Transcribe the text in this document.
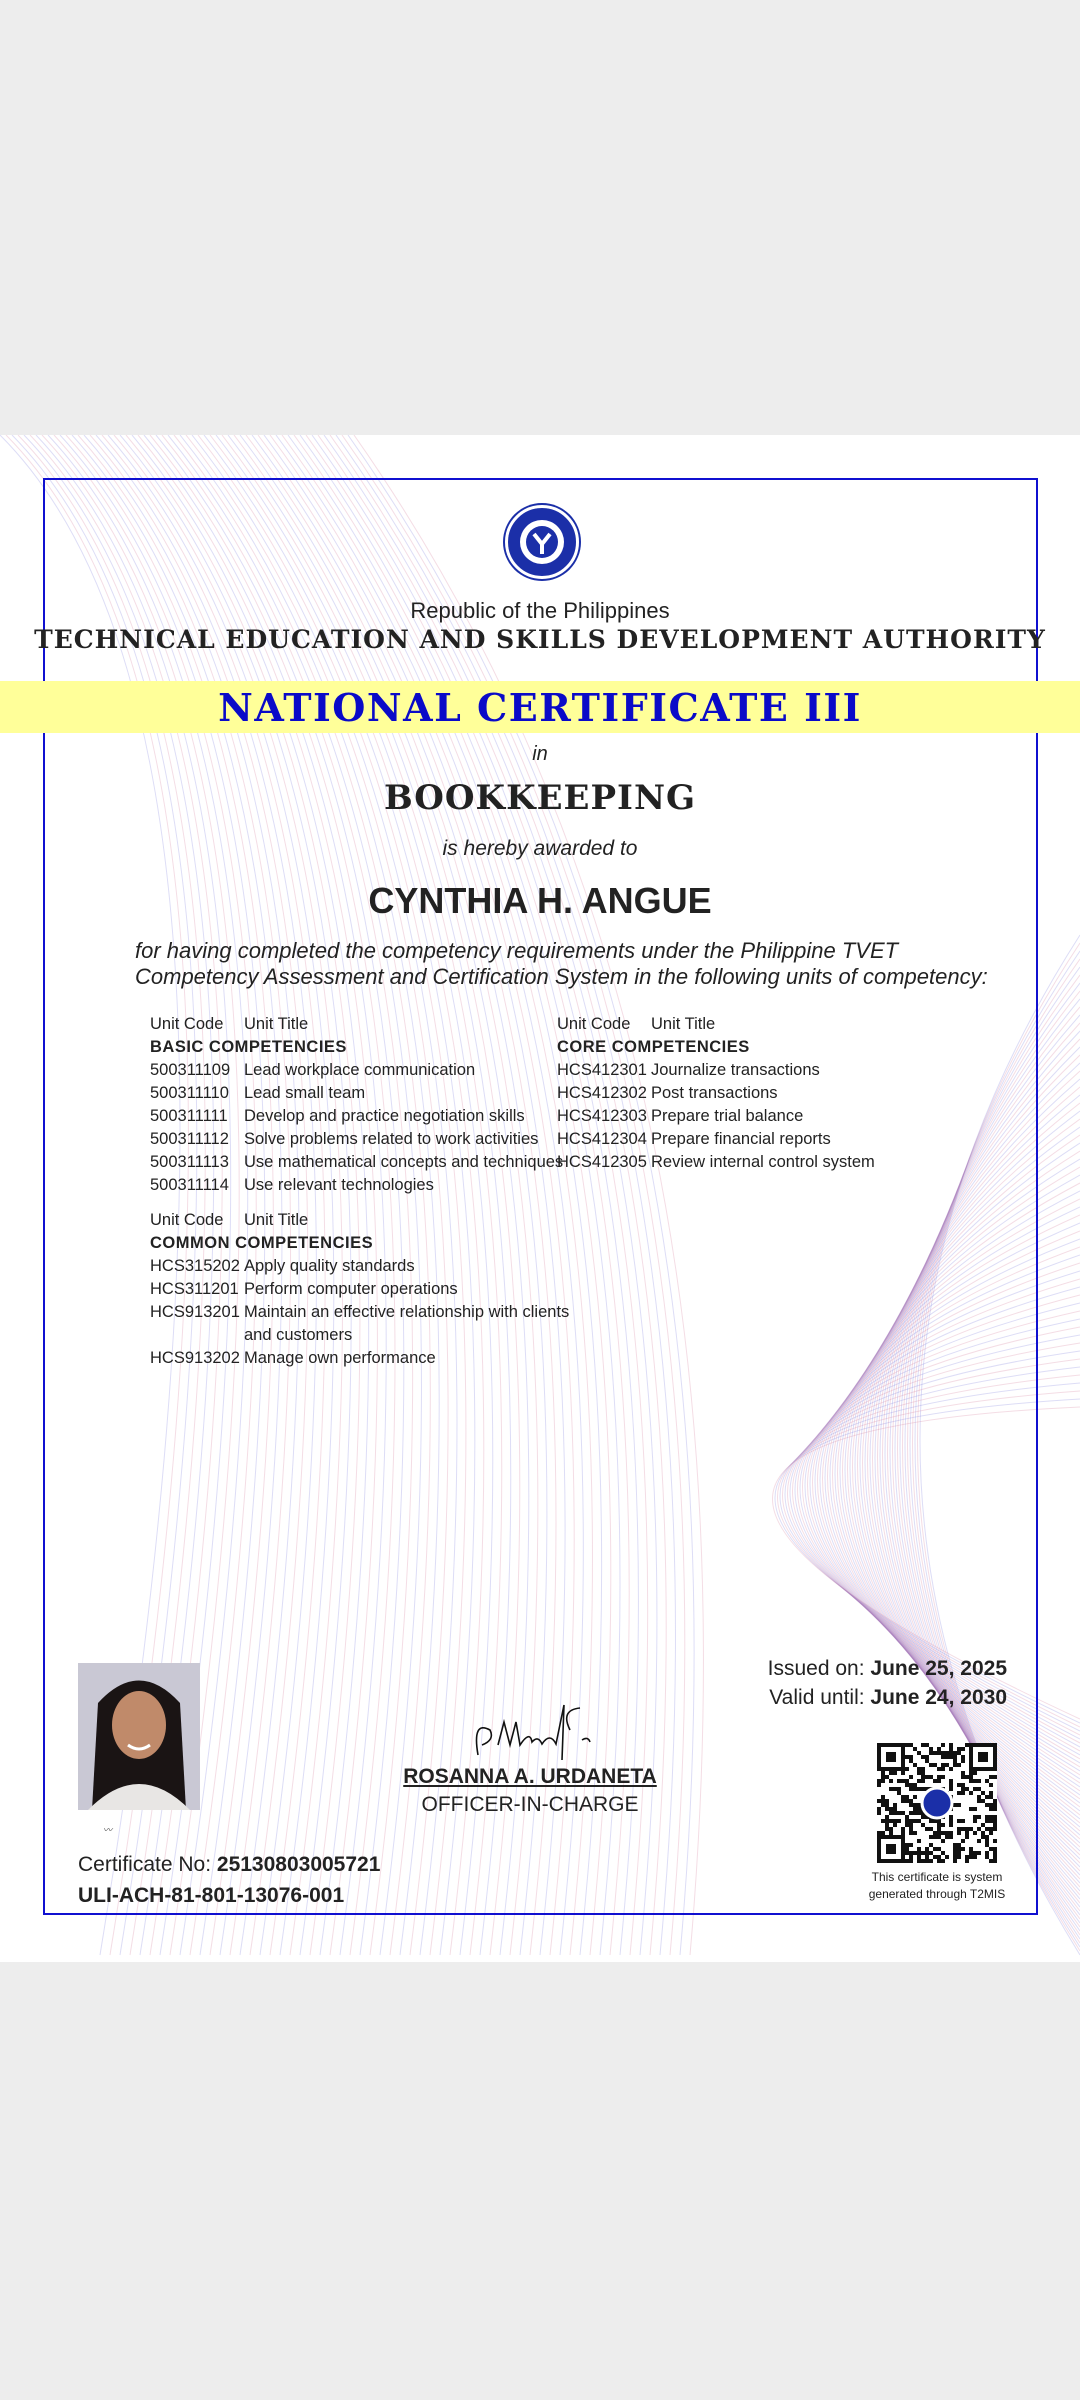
Republic of the Philippines
TECHNICAL EDUCATION AND SKILLS DEVELOPMENT AUTHORITY
NATIONAL CERTIFICATE III
in
BOOKKEEPING
is hereby awarded to
CYNTHIA H. ANGUE
for having completed the competency requirements under the Philippine TVET
Competency Assessment and Certification System in the following units of competency:
Unit Code	Unit Title
BASIC COMPETENCIES
500311109 Lead workplace communication
500311110 Lead small team
500311111 Develop and practice negotiation skills
500311112 Solve problems related to work activities
500311113 Use mathematical concepts and techniques
500311114 Use relevant technologies
Unit Code	Unit Title
COMMON COMPETENCIES
HCS315202 Apply quality standards
HCS311201 Perform computer operations
HCS913201 Maintain an effective relationship with clients
and customers
HCS913202 Manage own performance
Unit Code	Unit Title
CORE COMPETENCIES
HCS412301 Journalize transactions
HCS412302 Post transactions
HCS412303 Prepare trial balance
HCS412304 Prepare financial reports
HCS412305 Review internal control system
〰
ROSANNA A. URDANETA
OFFICER-IN-CHARGE
Issued on: June 25, 2025
Valid until: June 24, 2030
This certificate is system
generated through T2MIS
Certificate No: 25130803005721
ULI-ACH-81-801-13076-001
